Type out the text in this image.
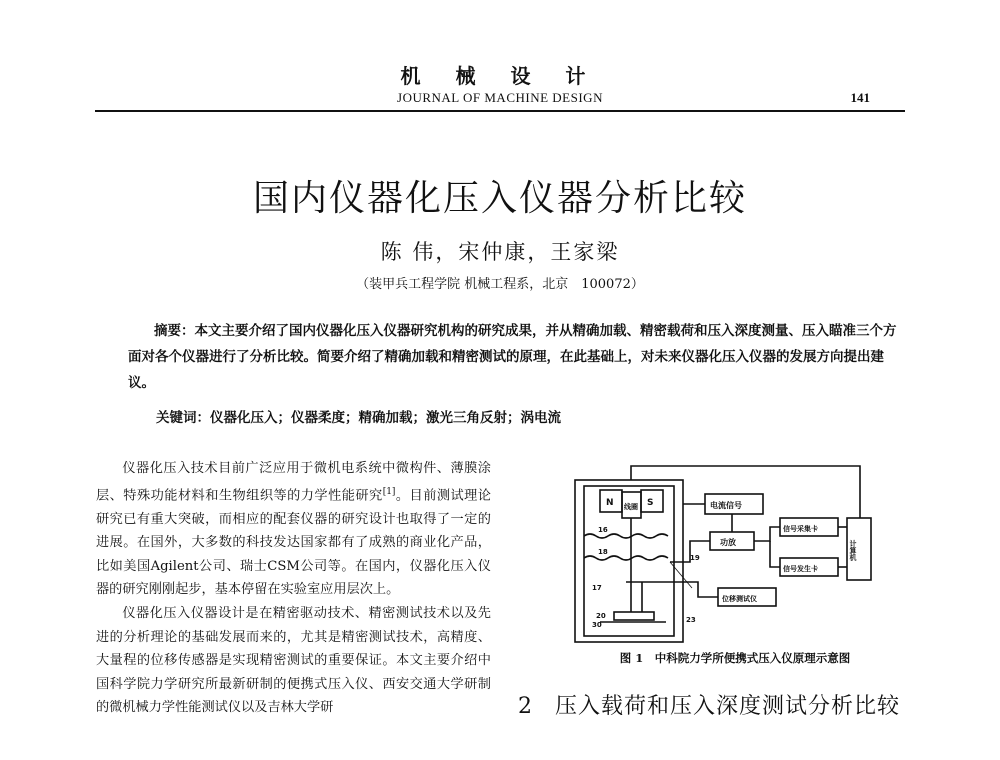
机 械 设 计
JOURNAL OF MACHINE DESIGN	141
国内仪器化压入仪器分析比较
陈 伟，宋仲康，王家梁
（装甲兵工程学院 机械工程系，北京　100072）
摘要：本文主要介绍了国内仪器化压入仪器研究机构的研究成果，并从精确加载、精密载荷和压入深度测量、压入瞄准三个方面对各个仪器进行了分析比较。简要介绍了精确加载和精密测试的原理，在此基础上，对未来仪器化压入仪器的发展方向提出建议。
关键词：仪器化压入；仪器柔度；精确加载；激光三角反射；涡电流

仪器化压入技术目前广泛应用于微机电系统中微构件、薄膜涂层、特殊功能材料和生物组织等的力学性能研究[1]。目前测试理论研究已有重大突破，而相应的配套仪器的研究设计也取得了一定的进展。在国外，大多数的科技发达国家都有了成熟的商业化产品，比如美国Agilent公司、瑞士CSM公司等。在国内，仪器化压入仪器的研究刚刚起步，基本停留在实验室应用层次上。

仪器化压入仪器设计是在精密驱动技术、精密测试技术以及先进的分析理论的基础发展而来的，尤其是精密测试技术，高精度、大量程的位移传感器是实现精密测试的重要保证。本文主要介绍中国科学院力学研究所最新研制的便携式压入仪、西安交通大学研制的微机械力学性能测试仪以及吉林大学研

N	S
线圈	电流信号
功放
信号采集卡
信号发生卡
计算机
位移测试仪
16
18
19
17
20
30
23
图 1　中科院力学所便携式压入仪原理示意图
2 压入载荷和压入深度测试分析比较
